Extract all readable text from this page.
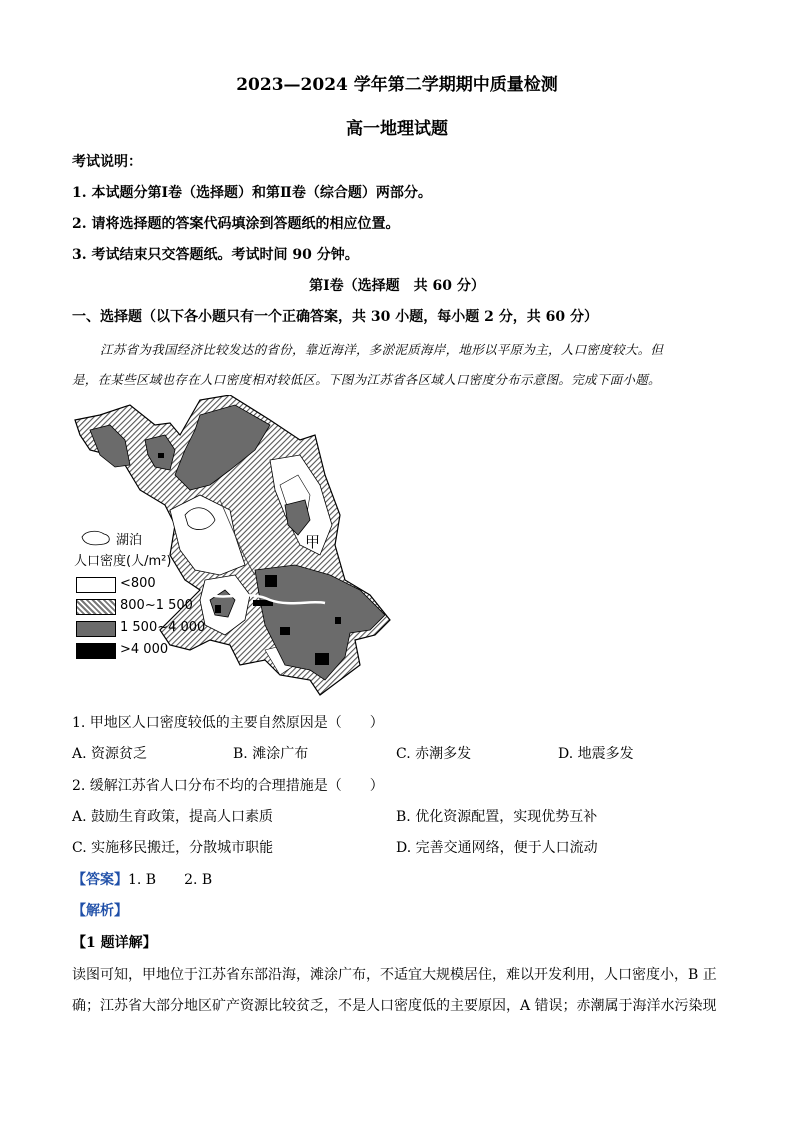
2023—2024 学年第二学期期中质量检测
高一地理试题
考试说明：
1. 本试题分第Ⅰ卷（选择题）和第Ⅱ卷（综合题）两部分。
2. 请将选择题的答案代码填涂到答题纸的相应位置。
3. 考试结束只交答题纸。考试时间 90 分钟。
第Ⅰ卷（选择题　共 60 分）
一、选择题（以下各小题只有一个正确答案，共 30 小题，每小题 2 分，共 60 分）
江苏省为我国经济比较发达的省份，靠近海洋，多淤泥质海岸，地形以平原为主，人口密度较大。但
是，在某些区域也存在人口密度相对较低区。下图为江苏省各区域人口密度分布示意图。完成下面小题。
甲
湖泊
人口密度(人/m²)
<800
800~1 500
1 500~4 000
>4 000
1. 甲地区人口密度较低的主要自然原因是（　　）
A. 资源贫乏	B. 滩涂广布	C. 赤潮多发	D. 地震多发
2. 缓解江苏省人口分布不均的合理措施是（　　）
A. 鼓励生育政策，提高人口素质	B. 优化资源配置，实现优势互补
C. 实施移民搬迁，分散城市职能	D. 完善交通网络，便于人口流动
【答案】1. B　　2. B
【解析】
【1 题详解】
读图可知，甲地位于江苏省东部沿海，滩涂广布，不适宜大规模居住，难以开发利用，人口密度小，B 正
确；江苏省大部分地区矿产资源比较贫乏，不是人口密度低的主要原因，A 错误；赤潮属于海洋水污染现
